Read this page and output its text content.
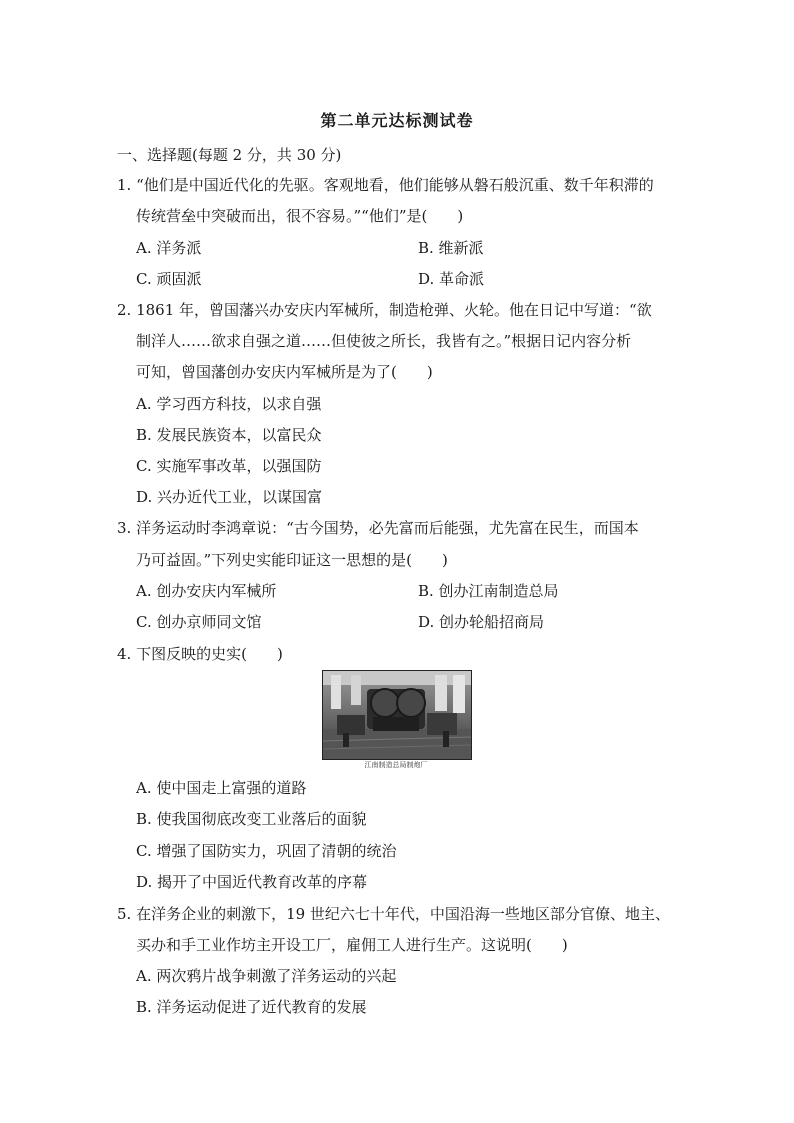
第二单元达标测试卷
一、选择题(每题 2 分，共 30 分)
1. “他们是中国近代化的先驱。客观地看，他们能够从磐石般沉重、数千年积滞的
传统营垒中突破而出，很不容易。”“他们”是( )
A. 洋务派	B. 维新派
C. 顽固派	D. 革命派
2. 1861 年，曾国藩兴办安庆内军械所，制造枪弹、火轮。他在日记中写道：“欲
制洋人……欲求自强之道……但使彼之所长，我皆有之。”根据日记内容分析
可知，曾国藩创办安庆内军械所是为了( )
A. 学习西方科技，以求自强
B. 发展民族资本，以富民众
C. 实施军事改革，以强国防
D. 兴办近代工业，以谋国富
3. 洋务运动时李鸿章说：“古今国势，必先富而后能强，尤先富在民生，而国本
乃可益固。”下列史实能印证这一思想的是( )
A. 创办安庆内军械所	B. 创办江南制造总局
C. 创办京师同文馆	D. 创办轮船招商局
4. 下图反映的史实( )
江南制造总局制炮厂
A. 使中国走上富强的道路
B. 使我国彻底改变工业落后的面貌
C. 增强了国防实力，巩固了清朝的统治
D. 揭开了中国近代教育改革的序幕
5. 在洋务企业的刺激下，19 世纪六七十年代，中国沿海一些地区部分官僚、地主、
买办和手工业作坊主开设工厂，雇佣工人进行生产。这说明( )
A. 两次鸦片战争刺激了洋务运动的兴起
B. 洋务运动促进了近代教育的发展
